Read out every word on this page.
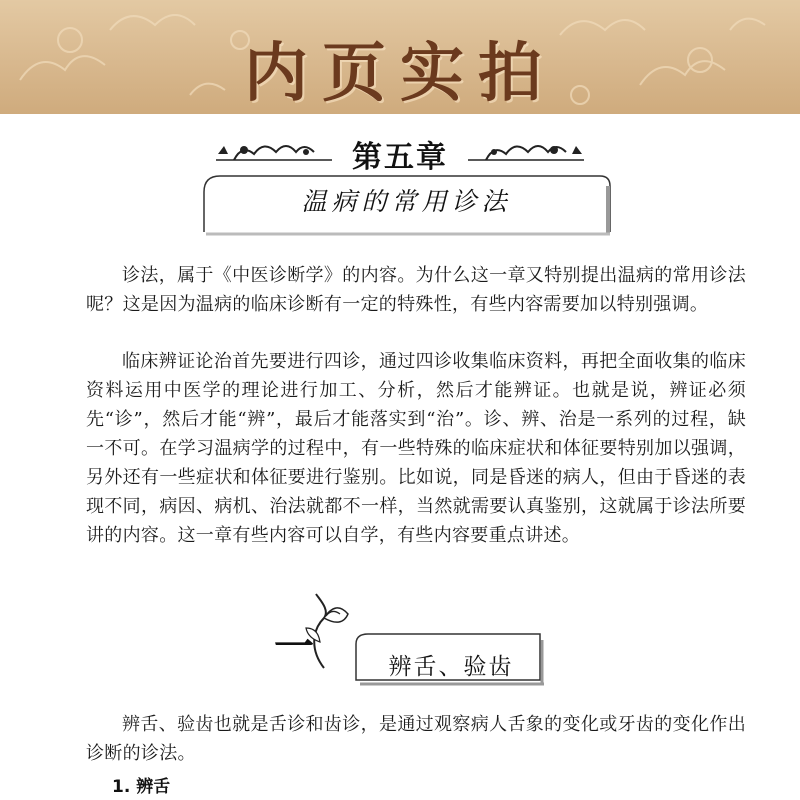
内页实拍
第五章
温病的常用诊法

诊法，属于《中医诊断学》的内容。为什么这一章又特别提出温病的常用诊法呢？这是因为温病的临床诊断有一定的特殊性，有些内容需要加以特别强调。

临床辨证论治首先要进行四诊，通过四诊收集临床资料，再把全面收集的临床资料运用中医学的理论进行加工、分析，然后才能辨证。也就是说，辨证必须先“诊”，然后才能“辨”，最后才能落实到“治”。诊、辨、治是一系列的过程，缺一不可。在学习温病学的过程中，有一些特殊的临床症状和体征要特别加以强调，另外还有一些症状和体征要进行鉴别。比如说，同是昏迷的病人，但由于昏迷的表现不同，病因、病机、治法就都不一样，当然就需要认真鉴别，这就属于诊法所要讲的内容。这一章有些内容可以自学，有些内容要重点讲述。

一	辨舌、验齿

辨舌、验齿也就是舌诊和齿诊，是通过观察病人舌象的变化或牙齿的变化作出诊断的诊法。

1. 辨舌
